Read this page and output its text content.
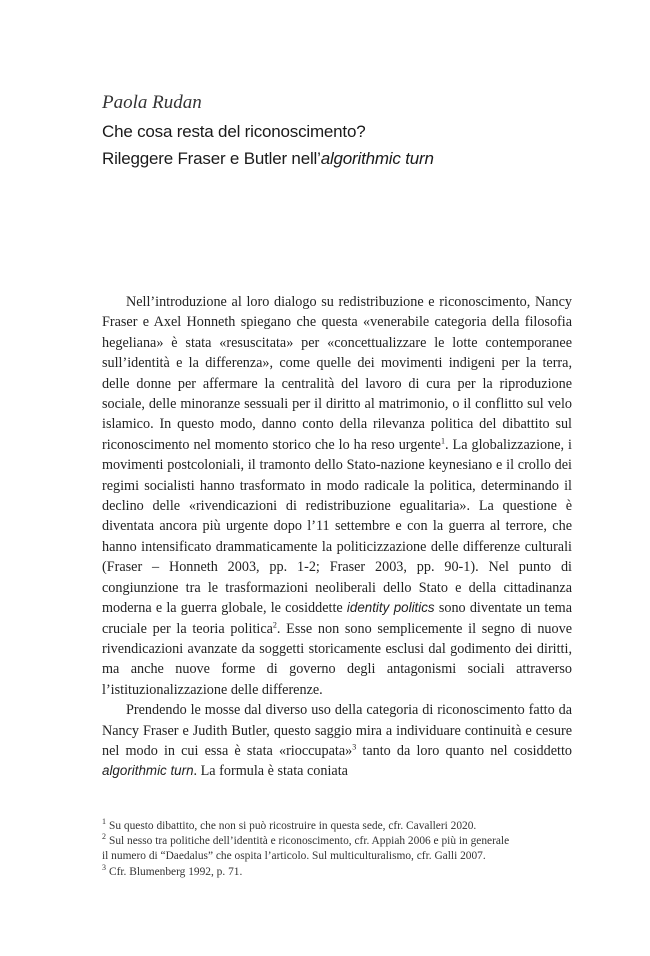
Paola Rudan
Che cosa resta del riconoscimento?
Rileggere Fraser e Butler nell’algorithmic turn

Nell’introduzione al loro dialogo su redistribuzione e riconoscimento, Nancy Fraser e Axel Honneth spiegano che questa «venerabile categoria della filosofia hegeliana» è stata «resuscitata» per «concettualizzare le lotte contemporanee sull’identità e la differenza», come quelle dei movimenti indigeni per la terra, delle donne per affermare la centralità del lavoro di cura per la riproduzione sociale, delle minoranze sessuali per il diritto al matrimonio, o il conflitto sul velo islamico. In questo modo, danno conto della rilevanza politica del dibattito sul riconoscimento nel momento storico che lo ha reso urgente$^1$. La globalizzazione, i movimenti postcoloniali, il tramonto dello Stato-nazione keynesiano e il crollo dei regimi socialisti hanno trasformato in modo radicale la politica, determinando il declino delle «rivendicazioni di redistribuzione egualitaria». La questione è diventata ancora più urgente dopo l’11 settembre e con la guerra al terrore, che hanno intensificato drammaticamente la politicizzazione delle differenze culturali (Fraser – Honneth 2003, pp. 1-2; Fraser 2003, pp. 90-1). Nel punto di congiunzione tra le trasformazioni neoliberali dello Stato e della cittadinanza moderna e la guerra globale, le cosiddette identity politics sono diventate un tema cruciale per la teoria politica$^2$. Esse non sono semplicemente il segno di nuove rivendicazioni avanzate da soggetti storicamente esclusi dal godimento dei diritti, ma anche nuove forme di governo degli antagonismi sociali attraverso l’istituzionalizzazione delle differenze.

Prendendo le mosse dal diverso uso della categoria di riconoscimento fatto da Nancy Fraser e Judith Butler, questo saggio mira a individuare continuità e cesure nel modo in cui essa è stata «rioccupata»$^3$ tanto da loro quanto nel cosiddetto algorithmic turn. La formula è stata coniata

$^1$ Su questo dibattito, che non si può ricostruire in questa sede, cfr. Cavalleri 2020.
$^2$ Sul nesso tra politiche dell’identità e riconoscimento, cfr. Appiah 2006 e più in generale
il numero di “Daedalus” che ospita l’articolo. Sul multiculturalismo, cfr. Galli 2007.
$^3$ Cfr. Blumenberg 1992, p. 71.
